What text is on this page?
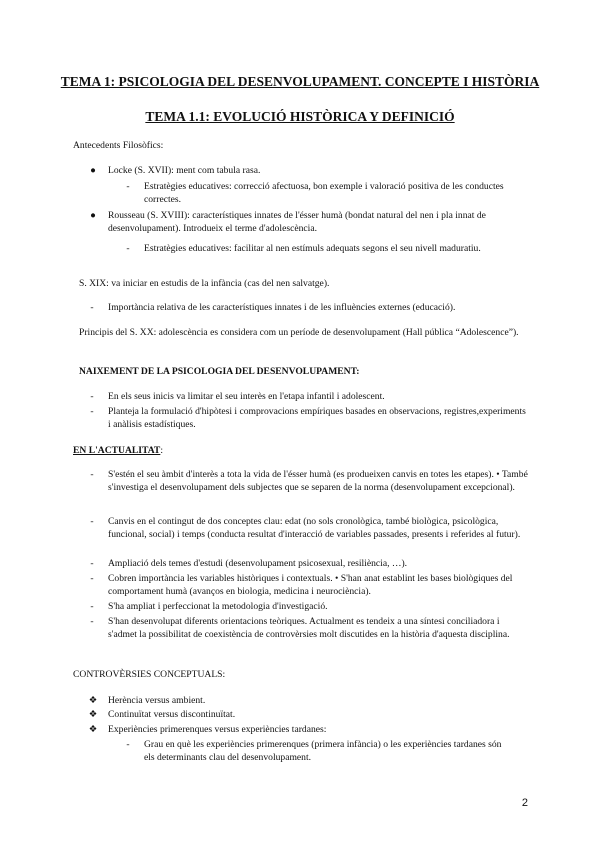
TEMA 1: PSICOLOGIA DEL DESENVOLUPAMENT. CONCEPTE I HISTÒRIA
TEMA 1.1: EVOLUCIÓ HISTÒRICA Y DEFINICIÓ
Antecedents Filosòfics:
●	Locke (S. XVII): ment com tabula rasa.
-	Estratègies educatives: correcció afectuosa, bon exemple i valoració positiva de les conductes correctes.
●	Rousseau (S. XVIII): característiques innates de l'ésser humà (bondat natural del nen i pla innat de desenvolupament). Introdueix el terme d'adolescència.
-	Estratègies educatives: facilitar al nen estímuls adequats segons el seu nivell maduratiu.
S. XIX: va iniciar en estudis de la infància (cas del nen salvatge).
-	Importància relativa de les característiques innates i de les influències externes (educació).
Principis del S. XX: adolescència es considera com un període de desenvolupament (Hall pública “Adolescence”).
NAIXEMENT DE LA PSICOLOGIA DEL DESENVOLUPAMENT:
-	En els seus inicis va limitar el seu interès en l'etapa infantil i adolescent.
-	Planteja la formulació d'hipòtesi i comprovacions empíriques basades en observacions, registres,experiments i anàlisis estadístiques.
EN L'ACTUALITAT:
-	S'estén el seu àmbit d'interès a tota la vida de l'ésser humà (es produeixen canvis en totes les etapes). • També s'investiga el desenvolupament dels subjectes que se separen de la norma (desenvolupament excepcional).
-	Canvis en el contingut de dos conceptes clau: edat (no sols cronològica, també biològica, psicològica, funcional, social) i temps (conducta resultat d'interacció de variables passades, presents i referides al futur).
-	Ampliació dels temes d'estudi (desenvolupament psicosexual, resiliència, …).
-	Cobren importància les variables històriques i contextuals. • S'han anat establint les bases biològiques del comportament humà (avanços en biologia, medicina i neurociència).
-	S'ha ampliat i perfeccionat la metodologia d'investigació.
-	S'han desenvolupat diferents orientacions teòriques. Actualment es tendeix a una síntesi conciliadora i s'admet la possibilitat de coexistència de controvèrsies molt discutides en la història d'aquesta disciplina.
CONTROVÈRSIES CONCEPTUALS:
❖ Herència versus ambient.
❖ Continuïtat versus discontinuïtat.
❖ Experiències primerenques versus experiències tardanes:
-	Grau en què les experiències primerenques (primera infància) o les experiències tardanes són els determinants clau del desenvolupament.
2
